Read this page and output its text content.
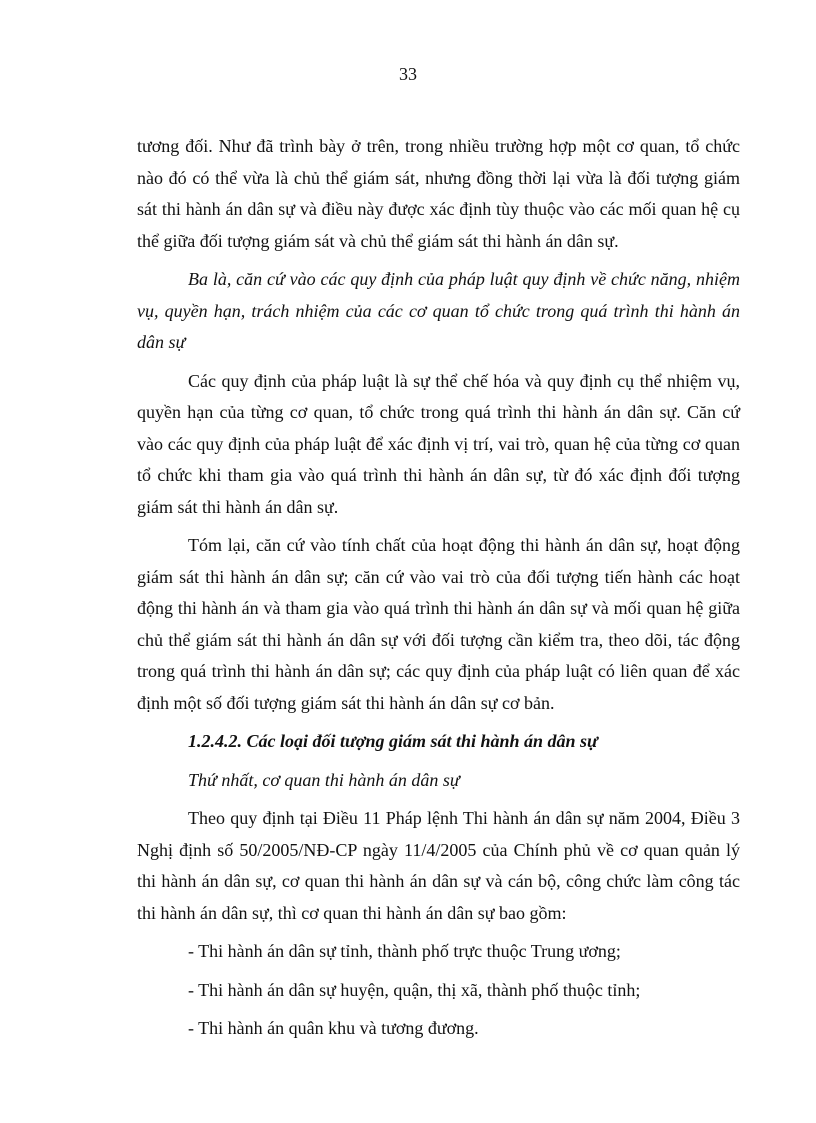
33

tương đối. Như đã trình bày ở trên, trong nhiều trường hợp một cơ quan, tổ chức nào đó có thể vừa là chủ thể giám sát, nhưng đồng thời lại vừa là đối tượng giám sát thi hành án dân sự và điều này được xác định tùy thuộc vào các mối quan hệ cụ thể giữa đối tượng giám sát và chủ thể giám sát thi hành án dân sự.

Ba là, căn cứ vào các quy định của pháp luật quy định về chức năng, nhiệm vụ, quyền hạn, trách nhiệm của các cơ quan tổ chức trong quá trình thi hành án dân sự

Các quy định của pháp luật là sự thể chế hóa và quy định cụ thể nhiệm vụ, quyền hạn của từng cơ quan, tổ chức trong quá trình thi hành án dân sự. Căn cứ vào các quy định của pháp luật để xác định vị trí, vai trò, quan hệ của từng cơ quan tổ chức khi tham gia vào quá trình thi hành án dân sự, từ đó xác định đối tượng giám sát thi hành án dân sự.

Tóm lại, căn cứ vào tính chất của hoạt động thi hành án dân sự, hoạt động giám sát thi hành án dân sự; căn cứ vào vai trò của đối tượng tiến hành các hoạt động thi hành án và tham gia vào quá trình thi hành án dân sự và mối quan hệ giữa chủ thể giám sát thi hành án dân sự với đối tượng cần kiểm tra, theo dõi, tác động trong quá trình thi hành án dân sự; các quy định của pháp luật có liên quan để xác định một số đối tượng giám sát thi hành án dân sự cơ bản.

1.2.4.2. Các loại đối tượng giám sát thi hành án dân sự

Thứ nhất, cơ quan thi hành án dân sự

Theo quy định tại Điều 11 Pháp lệnh Thi hành án dân sự năm 2004, Điều 3 Nghị định số 50/2005/NĐ-CP ngày 11/4/2005 của Chính phủ về cơ quan quản lý thi hành án dân sự, cơ quan thi hành án dân sự và cán bộ, công chức làm công tác thi hành án dân sự, thì cơ quan thi hành án dân sự bao gồm:

- Thi hành án dân sự tỉnh, thành phố trực thuộc Trung ương;

- Thi hành án dân sự huyện, quận, thị xã, thành phố thuộc tỉnh;

- Thi hành án quân khu và tương đương.
